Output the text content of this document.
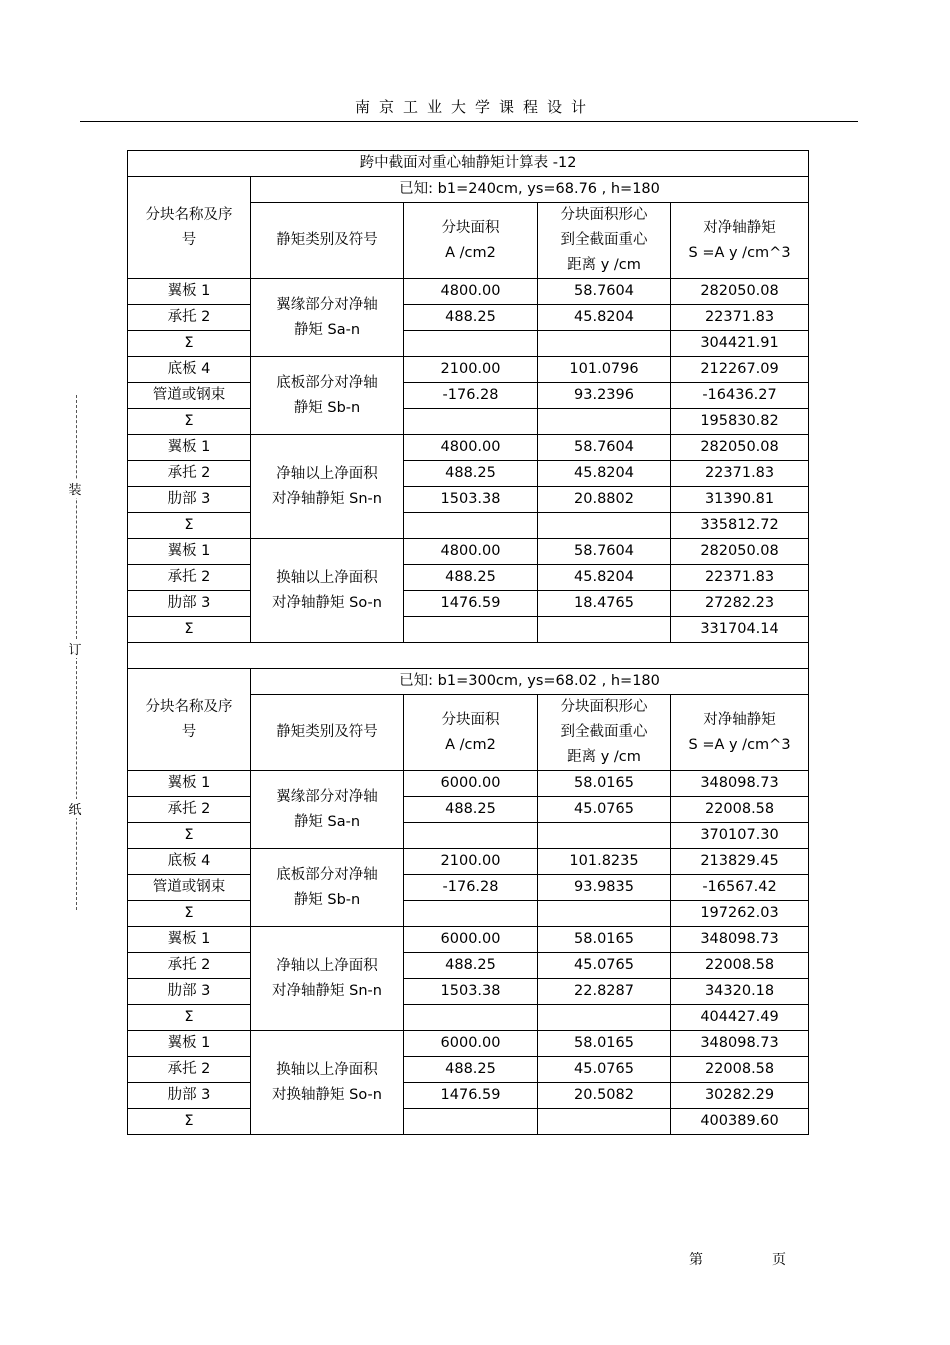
南京工业大学课程设计
装
订
纸
跨中截面对重心轴静矩计算表 -12				

分块名称及序
号	已知: b1=240cm, ys=68.76 , h=180			
	静矩类别及符号	分块面积
A /cm2	分块面积形心
到全截面重心
距离 y /cm	对净轴静矩
S =A y /cm^3

翼板 1	翼缘部分对净轴
静矩 Sa-n	4800.00	58.7604	282050.08
承托 2		488.25	45.8204	22371.83
Σ				304421.91
底板 4	底板部分对净轴
静矩 Sb-n	2100.00	101.0796	212267.09
管道或钢束		-176.28	93.2396	-16436.27
Σ				195830.82
翼板 1	净轴以上净面积
对净轴静矩 Sn-n	4800.00	58.7604	282050.08
承托 2		488.25	45.8204	22371.83
肋部 3		1503.38	20.8802	31390.81
Σ				335812.72
翼板 1	换轴以上净面积
对净轴静矩 So-n	4800.00	58.7604	282050.08
承托 2		488.25	45.8204	22371.83
肋部 3		1476.59	18.4765	27282.23
Σ				331704.14

分块名称及序
号	已知: b1=300cm, ys=68.02 , h=180			
	静矩类别及符号	分块面积
A /cm2	分块面积形心
到全截面重心
距离 y /cm	对净轴静矩
S =A y /cm^3

翼板 1	翼缘部分对净轴
静矩 Sa-n	6000.00	58.0165	348098.73
承托 2		488.25	45.0765	22008.58
Σ				370107.30
底板 4	底板部分对净轴
静矩 Sb-n	2100.00	101.8235	213829.45
管道或钢束		-176.28	93.9835	-16567.42
Σ				197262.03
翼板 1	净轴以上净面积
对净轴静矩 Sn-n	6000.00	58.0165	348098.73
承托 2		488.25	45.0765	22008.58
肋部 3		1503.38	22.8287	34320.18
Σ				404427.49
翼板 1	换轴以上净面积
对换轴静矩 So-n	6000.00	58.0165	348098.73
承托 2		488.25	45.0765	22008.58
肋部 3		1476.59	20.5082	30282.29
Σ				400389.60
第	页
